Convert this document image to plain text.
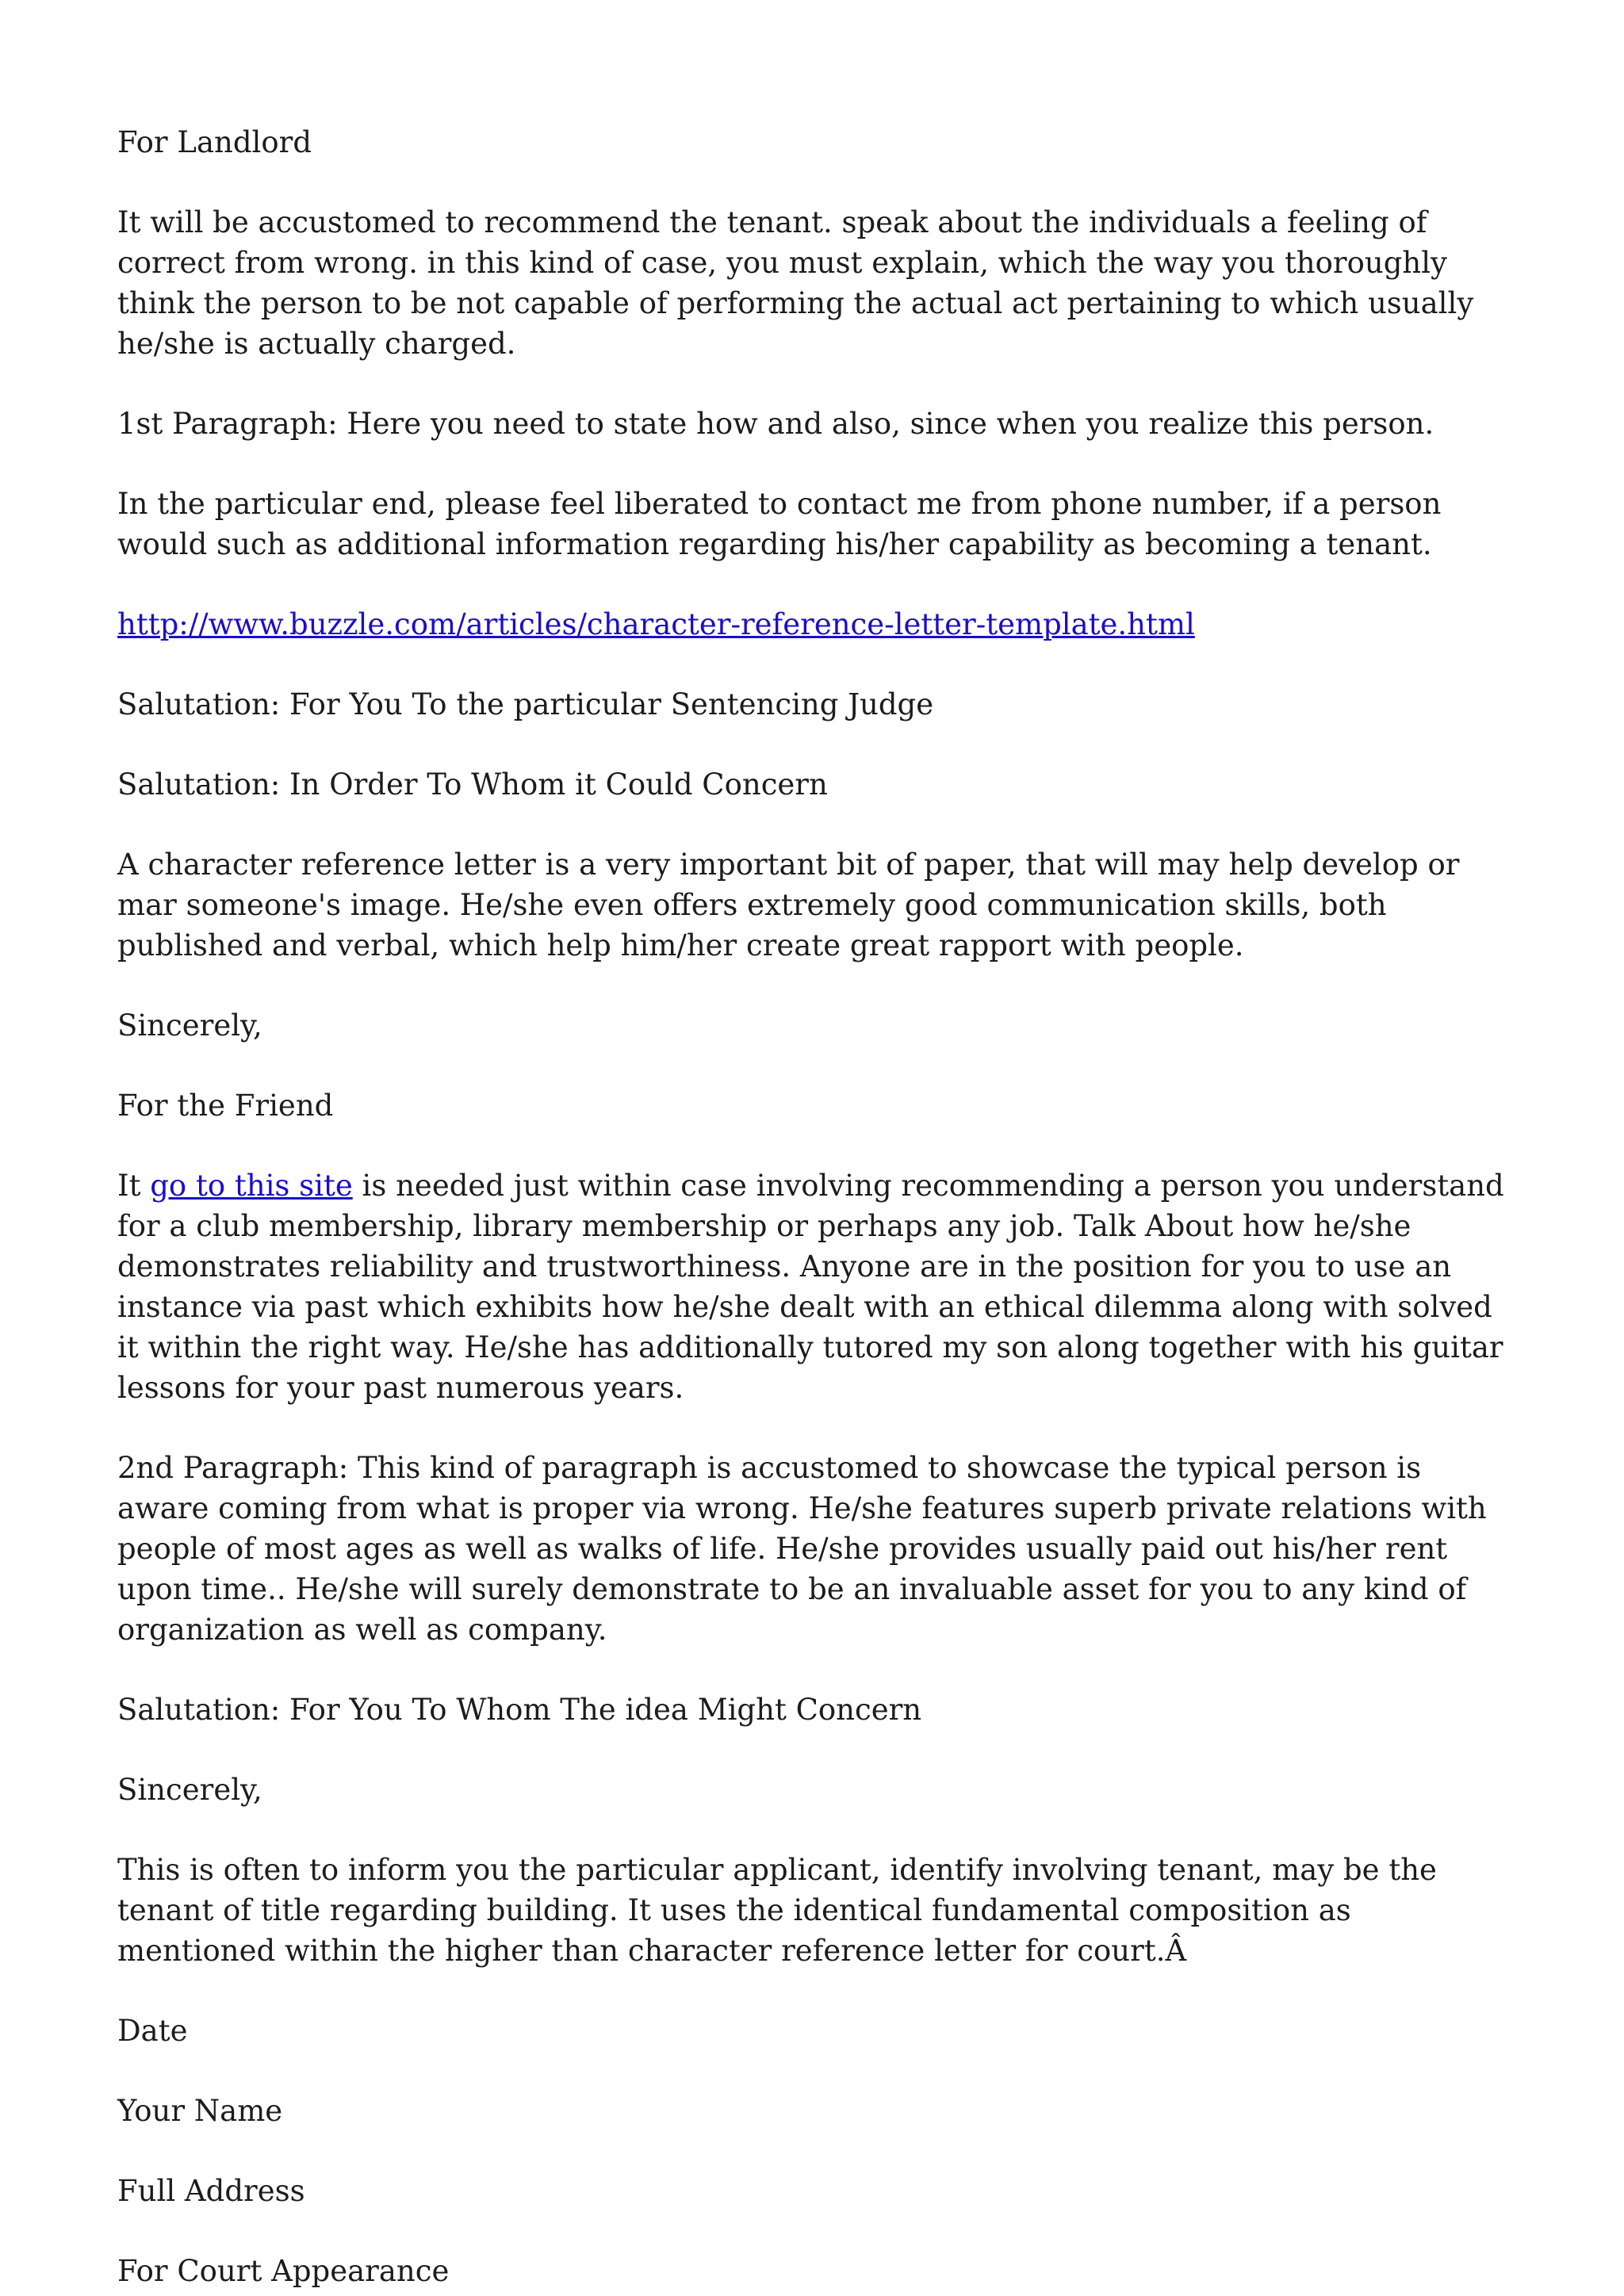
For Landlord

It will be accustomed to recommend the tenant. speak about the individuals a feeling of correct from wrong. in this kind of case, you must explain, which the way you thoroughly think the person to be not capable of performing the actual act pertaining to which usually he/she is actually charged.

1st Paragraph: Here you need to state how and also, since when you realize this person.

In the particular end, please feel liberated to contact me from phone number, if a person would such as additional information regarding his/her capability as becoming a tenant.

http://www.buzzle.com/articles/character-reference-letter-template.html

Salutation: For You To the particular Sentencing Judge

Salutation: In Order To Whom it Could Concern

A character reference letter is a very important bit of paper, that will may help develop or mar someone's image. He/she even offers extremely good communication skills, both published and verbal, which help him/her create great rapport with people.

Sincerely,

For the Friend

It go to this site is needed just within case involving recommending a person you understand for a club membership, library membership or perhaps any job. Talk About how he/she demonstrates reliability and trustworthiness. Anyone are in the position for you to use an instance via past which exhibits how he/she dealt with an ethical dilemma along with solved it within the right way. He/she has additionally tutored my son along together with his guitar lessons for your past numerous years.

2nd Paragraph: This kind of paragraph is accustomed to showcase the typical person is aware coming from what is proper via wrong. He/she features superb private relations with people of most ages as well as walks of life. He/she provides usually paid out his/her rent upon time.. He/she will surely demonstrate to be an invaluable asset for you to any kind of organization as well as company.

Salutation: For You To Whom The idea Might Concern

Sincerely,

This is often to inform you the particular applicant, identify involving tenant, may be the tenant of title regarding building. It uses the identical fundamental composition as mentioned within the higher than character reference letter for court.Â

Date

Your Name

Full Address

For Court Appearance
